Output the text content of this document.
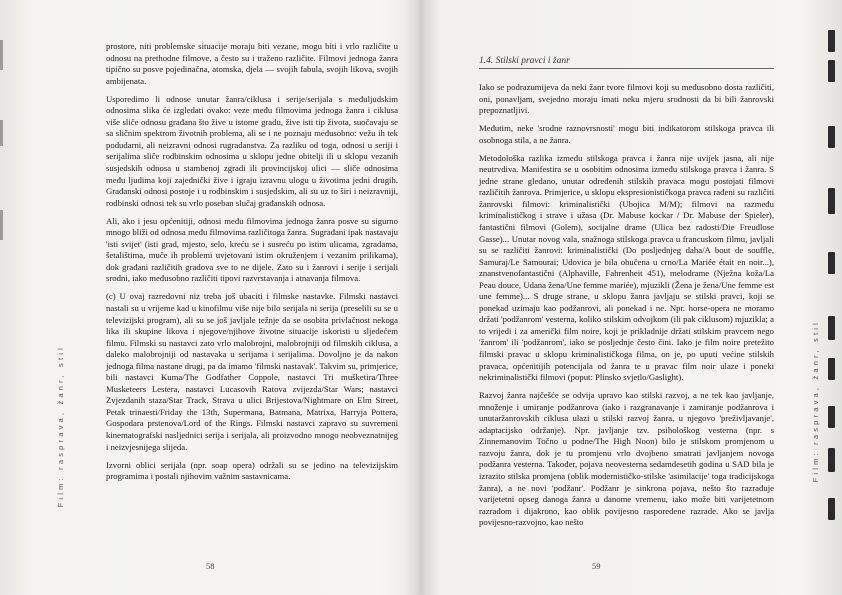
prostore, niti problemske situacije moraju biti vezane, mogu biti i vrlo različite u odnosu na prethodne filmove, a često su i traženo različite. Filmovi jednoga žanra tipično su posve pojedinačna, atomska, djela — svojih fabula, svojih likova, svojih ambijenata.

Usporedimo li odnose unutar žanra/ciklusa i serije/serijala s međuljudskim odnosima slika će izgledati ovako: veze među filmovima jednoga žanra i ciklusa više sliče odnosu građana što žive u istome gradu, žive isti tip života, suočavaju se sa sličnim spektrom životnih problema, ali se i ne poznaju međusobno: vežu ih tek podudarni, ali neizravni odnosi rugradanstva. Za razliku od toga, odnosi u seriji i serijalima sliče rodbinskim odnosima u sklopu jedne obitelji ili u sklopu vezanih susjedskih odnosa u stambenoj zgradi ili provincijskoj ulici — sliče odnosima među ljudima koji zajednički žive i igraju izravnu ulogu u životima jedni drugih. Građanski odnosi postoje i u rodbinskim i susjedskim, ali su uz to širi i neizravniji, rodbinski odnosi tek su vrlo poseban slučaj građanskih odnosa.

Ali, ako i jesu općenitiji, odnosi među filmovima jednoga žanra posve su sigurno mnogo bliži od odnosa među filmovima različitoga žanra. Sugrađani ipak nastavaju 'isti svijet' (isti grad, mjesto, selo, kreću se i susreću po istim ulicama, zgradama, šetalištima, muče ih problemi uvjetovani istim okruženjem i vezanim prilikama), dok građani različitih gradova sve to ne dijele. Zato su i žanrovi i serije i serijali srodni, iako međusobno različiti tipovi razvrstavanja i atnavanja filmova.

(c) U ovaj razredovni niz treba još ubaciti i filmske nastavke. Filmski nastavci nastali su u vrijeme kad u kinofilmu više nije bilo serijala ni serija (preselili su se u televizijski program), ali su se još javljale težnje da se osobita privlačnost nekoga lika ili skupine likova i njegove/njihove životne situacije iskoristi u sljedećem filmu. Filmski su nastavci zato vrlo malobrojni, malobrojniji od filmskih ciklusa, a daleko malobrojniji od nastavaka u serijama i serijalima. Dovoljno je da nakon jednoga filma nastane drugi, pa da imamo 'filmski nastavak'. Takvim su, primjerice, bili nastavci Kuma/The Godfather Coppole, nastavci Tri mušketira/Three Musketeers Lestera, nastavci Lucasovih Ratova zvijezda/Star Wars; nastavci Zvjezdanih staza/Star Track, Strava u ulici Brijestova/Nightmare on Elm Street, Petak trinaesti/Friday the 13th, Supermana, Batmana, Matrixa, Harryja Pottera, Gospodara prstenova/Lord of the Rings. Filmski nastavci zapravo su suvremeni kinematografski nasljednici serija i serijala, ali proizvodno mnogo neobveznatnijeg i neizvjesnijega slijeda.

Izvorni oblici serijala (npr. soap opera) održali su se jedino na televizijskim programima i postali njihovim važnim sastavnicama.

Film: rasprava, žanr, stil
58
1.4. Stilski pravci i žanr

Iako se podrazumijeva da neki žanr tvore filmovi koji su međusobno dosta različiti, oni, ponavljam, svejedno moraju imati neku mjeru srodnosti da bi bili žanrovski prepoznatljivi.

Međutim, neke 'srodne raznovrsnosti' mogu biti indikatorom stilskoga pravca ili osobnoga stila, a ne žanra.

Metodološka razlika između stilskoga pravca i žanra nije uvijek jasna, ali nije neutrvdiva. Manifestira se u osobitim odnosima između stilskoga pravca i žanra. S jedne strane gledano, unutar određenih stilskih pravaca mogu postojati filmovi različitih žanrova. Primjerice, u sklopu ekspresionističkoga pravca rađeni su različiti žanrovski filmovi: kriminalistički (Ubojica M/M); filmovi na razmeđu kriminalističkog i strave i užasa (Dr. Mabuse kockar / Dr. Mabuse der Spieler), fantastični filmovi (Golem), socijalne drame (Ulica bez radosti/Die Freudlose Gasse)... Unutar novog vala, snažnoga stilskoga pravca u francuskom filmu, javljali su se različiti žanrovi: kriminalistički (Do posljednjeg daha/A bout de souffle, Samuraj/Le Samourai; Udovica je bila obučena u crno/La Mariée était en noir...), znanstvenofantastični (Alphaville, Fahrenheit 451), melodrame (Nježna koža/La Peau douce, Udana žena/Une femme mariée), mjuzikli (Žena je žena/Une femme est une femme)... S druge strane, u sklopu žanra javljaju se stilski pravci, koji se ponekad uzimaju kao podžanrovi, ali ponekad i ne. Npr. horse-opera ne moramo držati 'podžanrom' vesterna, koliko stilskim odvojkom (ili pak ciklusom) mjuzikla; a to vrijedi i za američki film noire, koji je prikladnije držati stilskim pravcem nego 'žanrom' ili 'podžanrom', iako se posljednje često čini. Iako je film noire pretežito filmski pravac u sklopu kriminalističkoga filma, on je, po uputi većine stilskih pravaca, općenitijih potencijala od žanra te u pravac film noir ulaze i poneki nekriminalistički filmovi (poput: Plinsko svjetlo/Gaslight).

Razvoj žanra najčešće se odvija upravo kao stilski razvoj, a ne tek kao javljanje, množenje i umiranje podžanrova (iako i razgranavanje i zamiranje podžanrova i unutaržanrovskih ciklusa ulazi u stilski razvoj žanra, u njegovo 'preživljavanje', adaptacijsko održanje). Npr. javljanje tzv. psihološkog vesterna (npr. s Zinnemanovim Točno u podne/The High Noon) bilo je stilskom promjenom u razvoju žanra, dok je tu promjenu vrlo dvojbeno smatrati javljanjem novoga podžanra vesterna. Također, pojava neovesterna sedamdesetih godina u SAD bila je izrazito stilska promjena (oblik modernističko-stilske 'asimilacije' toga tradicijskoga žanra), a ne novi 'podžanr'. Podžanr je sinkrona pojava, nešto što razrađuje varijetetni opseg danoga žanra u danome vremenu, iako može biti varijetetnom razradom i dijakrono, kao oblik povijesno rasporedene razrade. Ako se javlja povijesno-razvojno, kao nešto

Film: rasprava, žanr, stil
59
